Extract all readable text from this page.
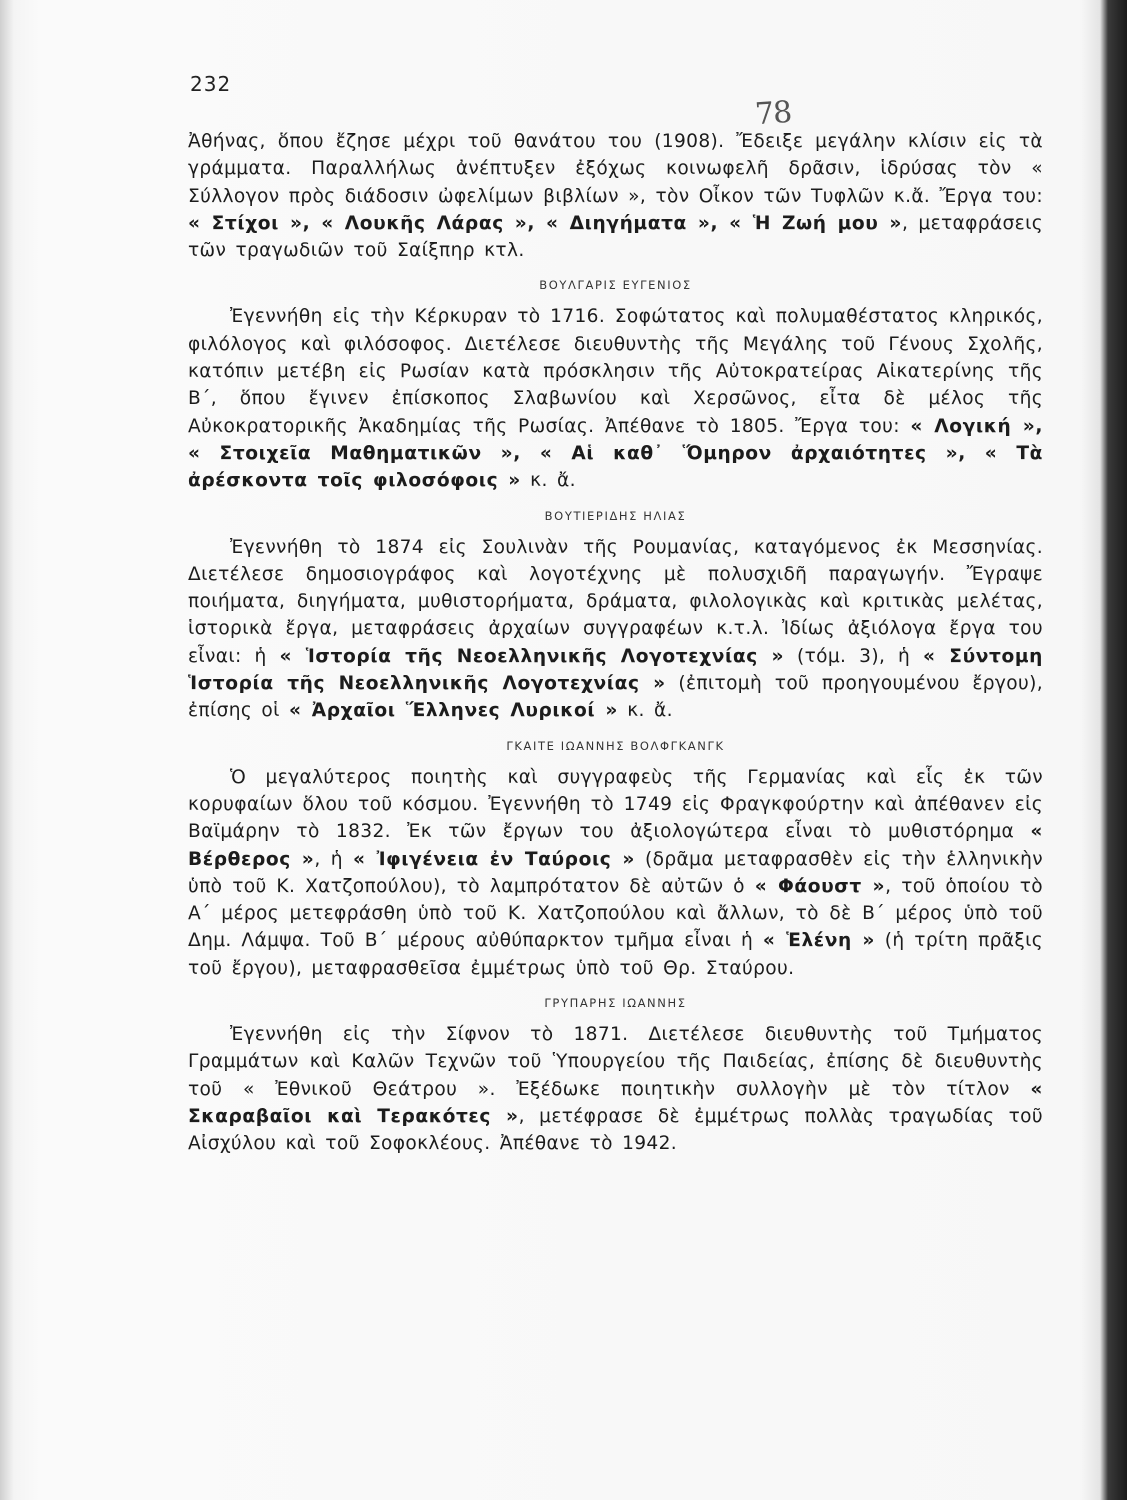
232
78

Ἀθήνας, ὅπου ἔζησε μέχρι τοῦ θανάτου του (1908). Ἔδειξε μεγάλην κλίσιν εἰς τὰ γράμματα. Παραλλήλως ἀνέπτυξεν ἐξόχως κοινωφελῆ δρᾶσιν, ἱδρύσας τὸν « Σύλλογον πρὸς διάδοσιν ὠφελίμων βιβλίων », τὸν Οἶκον τῶν Τυφλῶν κ.ἄ. Ἔργα του: « Στίχοι », « Λουκῆς Λάρας », « Διηγήματα », « Ἡ Ζωή μου », μεταφράσεις τῶν τραγωδιῶν τοῦ Σαίξπηρ κτλ.

ΒΟΥΛΓΑΡΙΣ ΕΥΓΕΝΙΟΣ

Ἐγεννήθη εἰς τὴν Κέρκυραν τὸ 1716. Σοφώτατος καὶ πολυμαθέστατος κληρικός, φιλόλογος καὶ φιλόσοφος. Διετέλεσε διευθυντὴς τῆς Μεγάλης τοῦ Γένους Σχολῆς, κατόπιν μετέβη εἰς Ρωσίαν κατὰ πρόσκλησιν τῆς Αὐτοκρατείρας Αἰκατερίνης τῆς Β΄, ὅπου ἔγινεν ἐπίσκοπος Σλαβωνίου καὶ Χερσῶνος, εἶτα δὲ μέλος τῆς Αὐκοκρατορικῆς Ἀκαδημίας τῆς Ρωσίας. Ἀπέθανε τὸ 1805. Ἔργα του: « Λογική », « Στοιχεῖα Μαθηματικῶν », « Αἱ καθ᾽ Ὅμηρον ἀρχαιότητες », « Τὰ ἀρέσκοντα τοῖς φιλοσόφοις » κ. ἄ.

ΒΟΥΤΙΕΡΙΔΗΣ ΗΛΙΑΣ

Ἐγεννήθη τὸ 1874 εἰς Σουλινὰν τῆς Ρουμανίας, καταγόμενος ἐκ Μεσσηνίας. Διετέλεσε δημοσιογράφος καὶ λογοτέχνης μὲ πολυσχιδῆ παραγωγήν. Ἔγραψε ποιήματα, διηγήματα, μυθιστορήματα, δράματα, φιλολογικὰς καὶ κριτικὰς μελέτας, ἱστορικὰ ἔργα, μεταφράσεις ἀρχαίων συγγραφέων κ.τ.λ. Ἰδίως ἀξιόλογα ἔργα του εἶναι: ἡ « Ἱστορία τῆς Νεοελληνικῆς Λογοτεχνίας » (τόμ. 3), ἡ « Σύντομη Ἱστορία τῆς Νεοελληνικῆς Λογοτεχνίας » (ἐπιτομὴ τοῦ προηγουμένου ἔργου), ἐπίσης οἱ « Ἀρχαῖοι Ἕλληνες Λυρικοί » κ. ἄ.

ΓΚΑΙΤΕ ΙΩΑΝΝΗΣ ΒΟΛΦΓΚΑΝΓΚ

Ὁ μεγαλύτερος ποιητὴς καὶ συγγραφεὺς τῆς Γερμανίας καὶ εἷς ἐκ τῶν κορυφαίων ὅλου τοῦ κόσμου. Ἐγεννήθη τὸ 1749 εἰς Φραγκφούρτην καὶ ἀπέθανεν εἰς Βαϊμάρην τὸ 1832. Ἐκ τῶν ἔργων του ἀξιολογώτερα εἶναι τὸ μυθιστόρημα « Βέρθερος », ἡ « Ἰφιγένεια ἐν Ταύροις » (δρᾶμα μεταφρασθὲν εἰς τὴν ἑλληνικὴν ὑπὸ τοῦ Κ. Χατζοπούλου), τὸ λαμπρότατον δὲ αὐτῶν ὁ « Φάουστ », τοῦ ὁποίου τὸ Α΄ μέρος μετεφράσθη ὑπὸ τοῦ Κ. Χατζοπούλου καὶ ἄλλων, τὸ δὲ Β΄ μέρος ὑπὸ τοῦ Δημ. Λάμψα. Τοῦ Β΄ μέρους αὐθύπαρκτον τμῆμα εἶναι ἡ « Ἑλένη » (ἡ τρίτη πρᾶξις τοῦ ἔργου), μεταφρασθεῖσα ἐμμέτρως ὑπὸ τοῦ Θρ. Σταύρου.

ΓΡΥΠΑΡΗΣ ΙΩΑΝΝΗΣ

Ἐγεννήθη εἰς τὴν Σίφνον τὸ 1871. Διετέλεσε διευθυντὴς τοῦ Τμήματος Γραμμάτων καὶ Καλῶν Τεχνῶν τοῦ Ὑπουργείου τῆς Παιδείας, ἐπίσης δὲ διευθυντὴς τοῦ « Ἐθνικοῦ Θεάτρου ». Ἐξέδωκε ποιητικὴν συλλογὴν μὲ τὸν τίτλον « Σκαραβαῖοι καὶ Τερακότες », μετέφρασε δὲ ἐμμέτρως πολλὰς τραγωδίας τοῦ Αἰσχύλου καὶ τοῦ Σοφοκλέους. Ἀπέθανε τὸ 1942.
